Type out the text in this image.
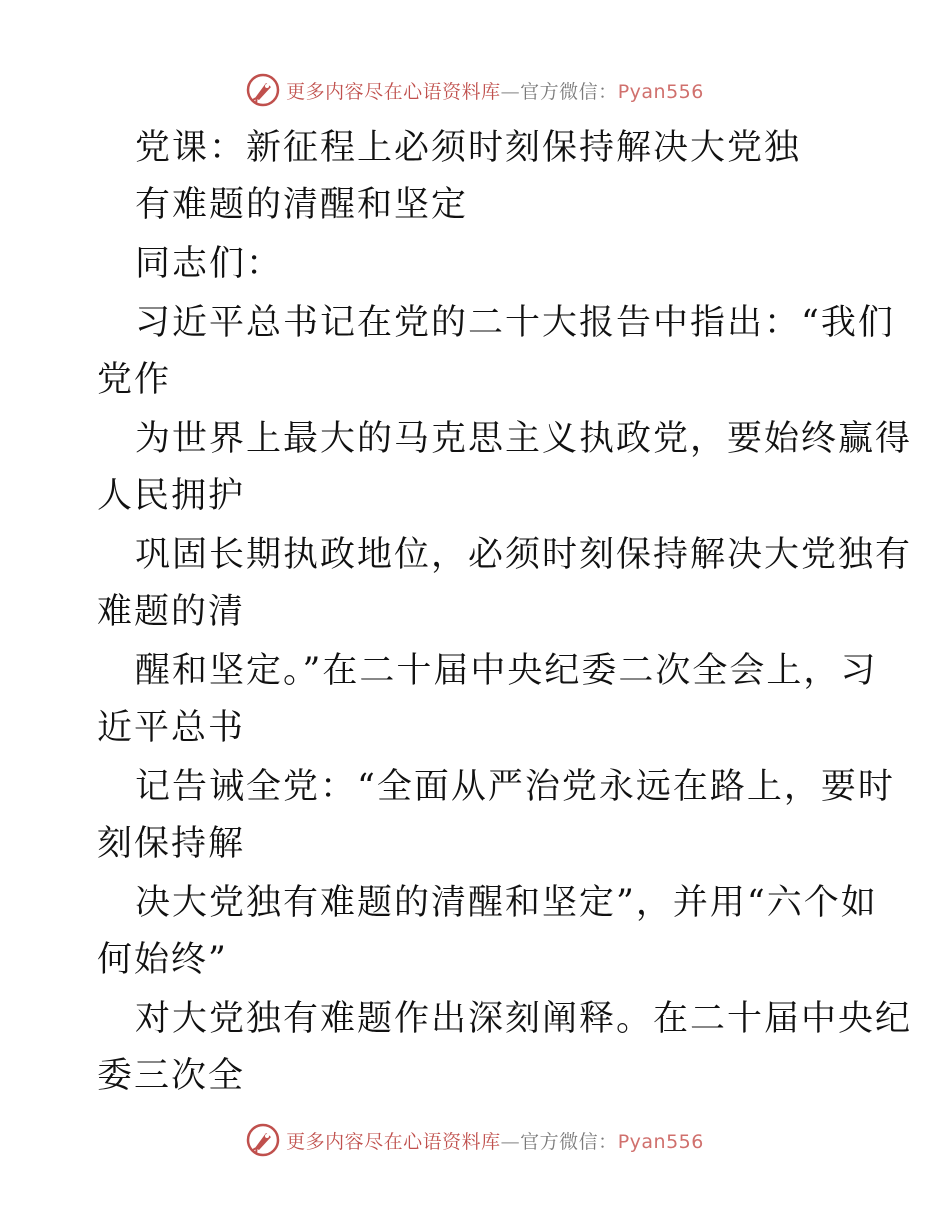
更多内容尽在心语资料库—官方微信：Pyan556
党课：新征程上必须时刻保持解决大党独
有难题的清醒和坚定
同志们：
习近平总书记在党的二十大报告中指出：“我们
党作
为世界上最大的马克思主义执政党，要始终赢得
人民拥护
巩固长期执政地位，必须时刻保持解决大党独有
难题的清
醒和坚定。”在二十届中央纪委二次全会上，习
近平总书
记告诫全党：“全面从严治党永远在路上，要时
刻保持解
决大党独有难题的清醒和坚定”，并用“六个如
何始终”
对大党独有难题作出深刻阐释。在二十届中央纪
委三次全
更多内容尽在心语资料库—官方微信：Pyan556
